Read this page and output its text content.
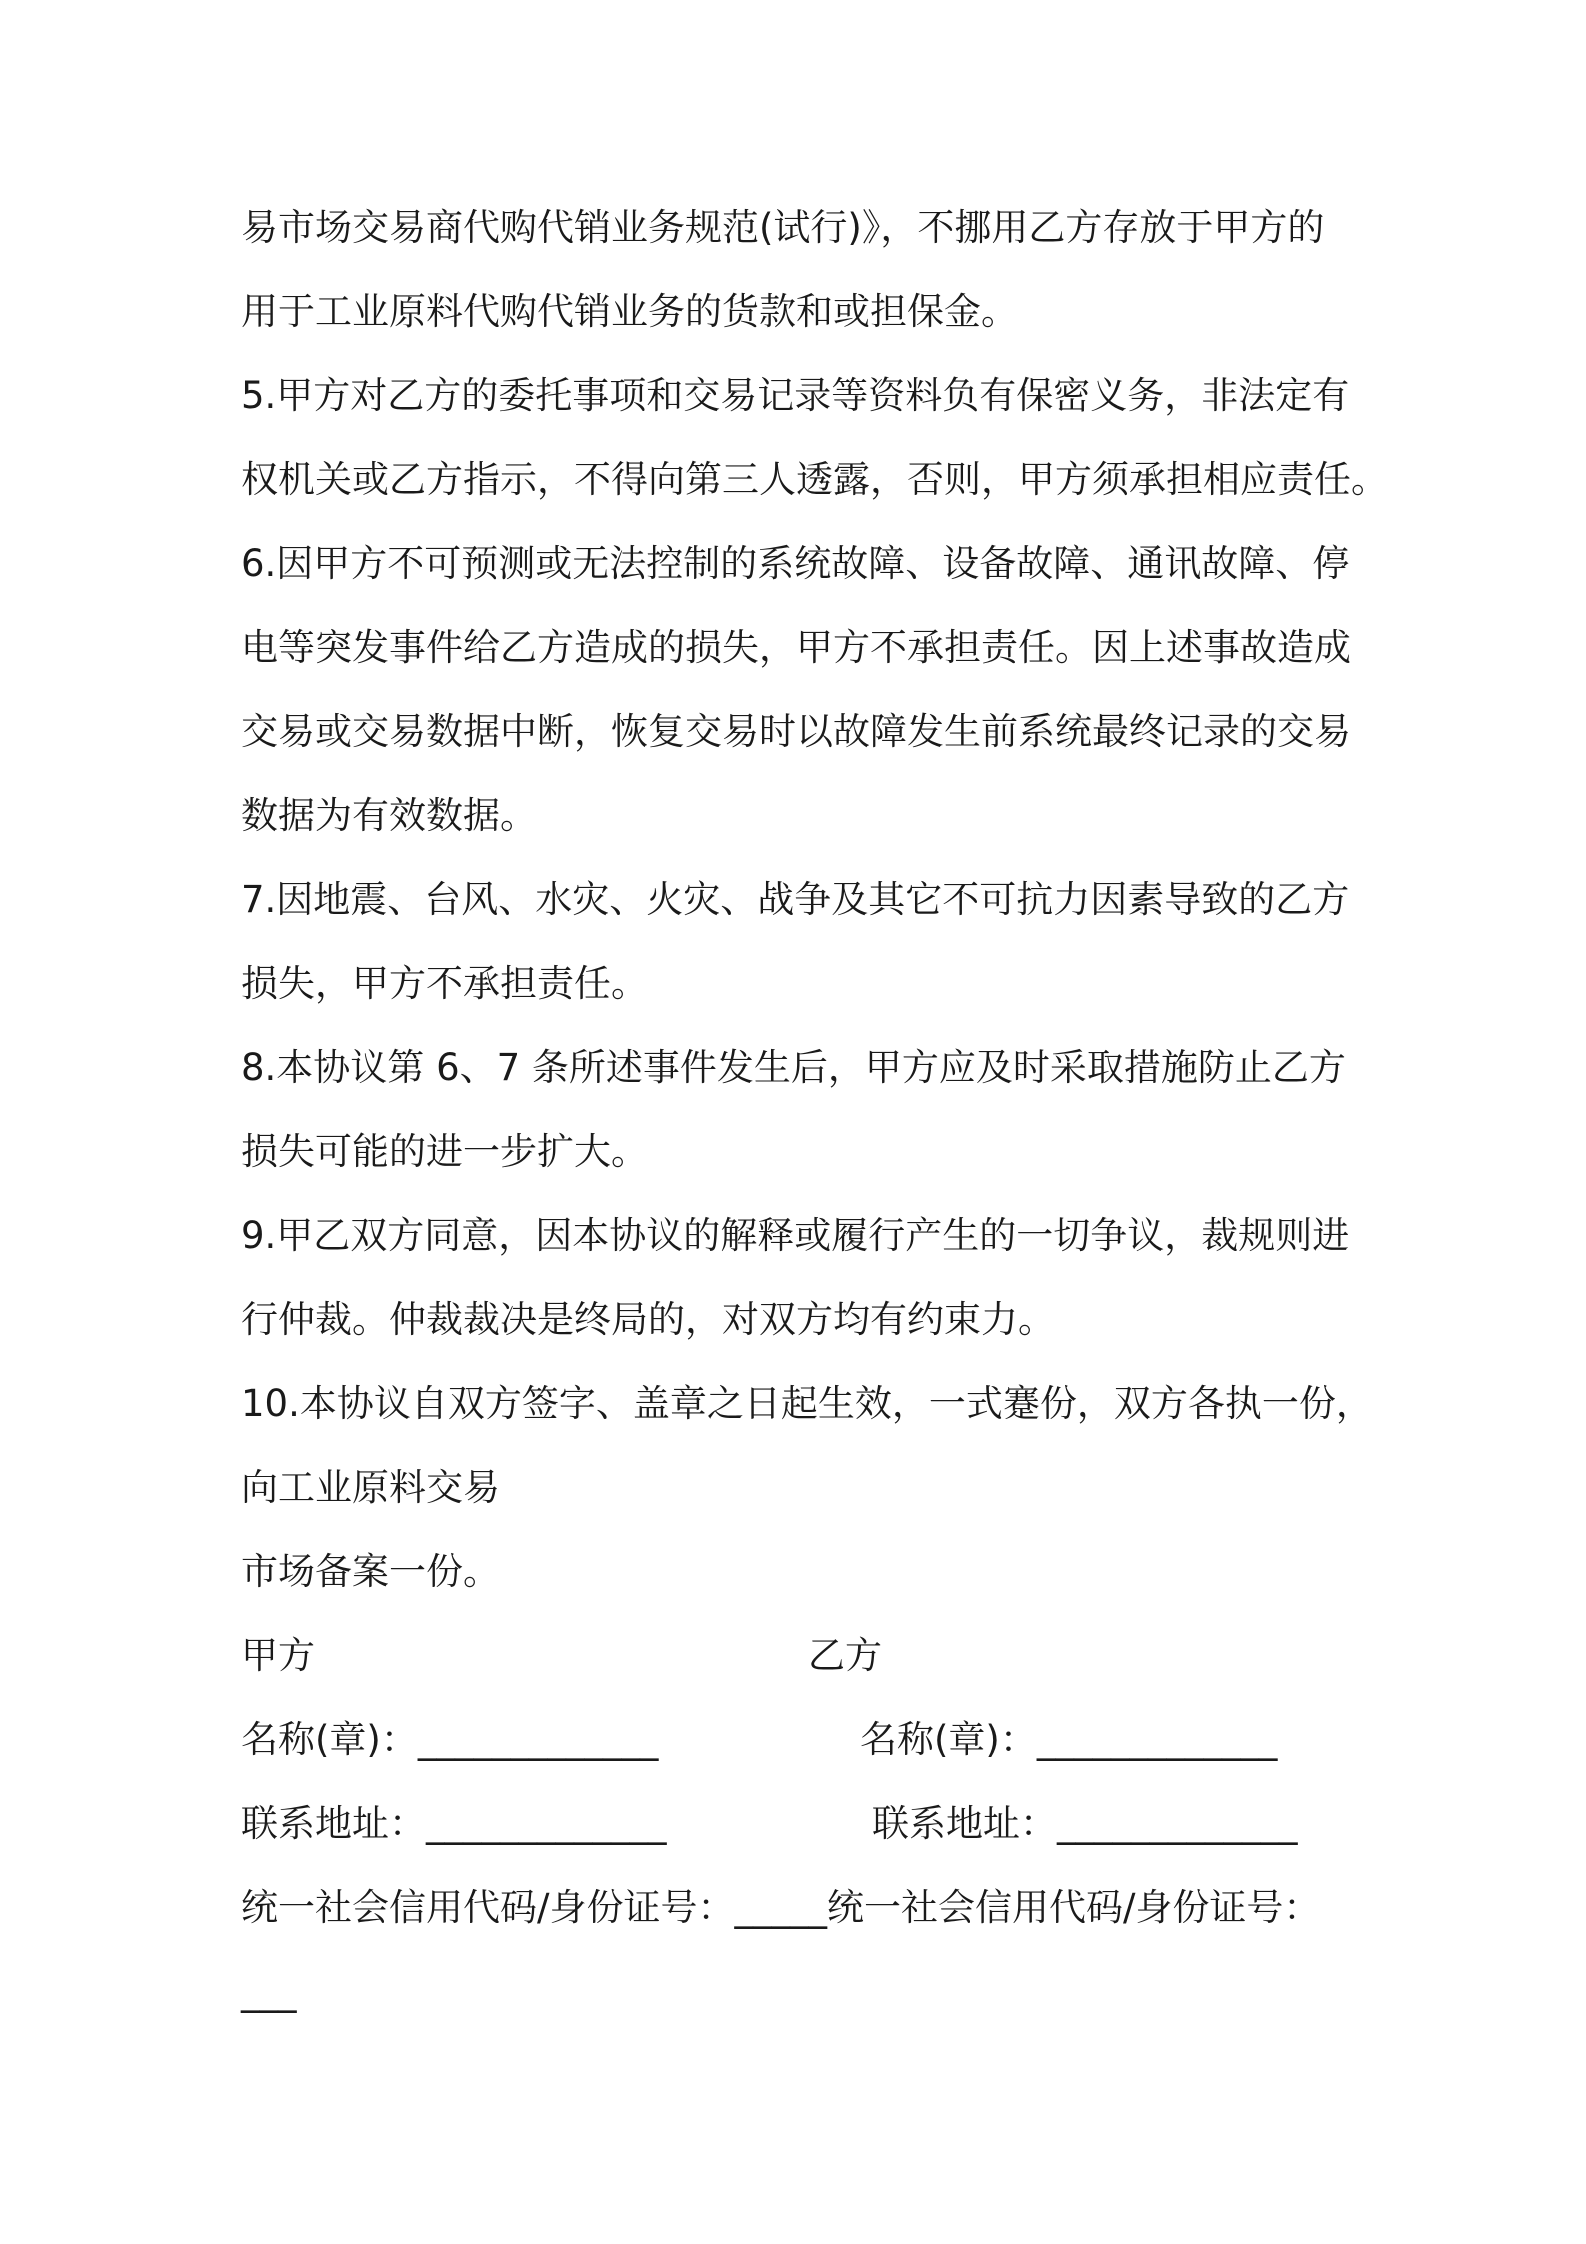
易市场交易商代购代销业务规范(试行)》，不挪用乙方存放于甲方的
用于工业原料代购代销业务的货款和或担保金。
5.甲方对乙方的委托事项和交易记录等资料负有保密义务，非法定有
权机关或乙方指示，不得向第三人透露，否则，甲方须承担相应责任。
6.因甲方不可预测或无法控制的系统故障、设备故障、通讯故障、停
电等突发事件给乙方造成的损失，甲方不承担责任。因上述事故造成
交易或交易数据中断，恢复交易时以故障发生前系统最终记录的交易
数据为有效数据。
7.因地震、台风、水灾、火灾、战争及其它不可抗力因素导致的乙方
损失，甲方不承担责任。
8.本协议第 6、7 条所述事件发生后，甲方应及时采取措施防止乙方
损失可能的进一步扩大。
9.甲乙双方同意，因本协议的解释或履行产生的一切争议，裁规则进
行仲裁。仲裁裁决是终局的，对双方均有约束力。
10.本协议自双方签字、盖章之日起生效，一式蹇份，双方各执一份，
向工业原料交易
市场备案一份。
甲方	乙方
名称(章)：_____________	名称(章)：_____________
联系地址：_____________	联系地址：_____________
统一社会信用代码/身份证号：_____统一社会信用代码/身份证号：
___
